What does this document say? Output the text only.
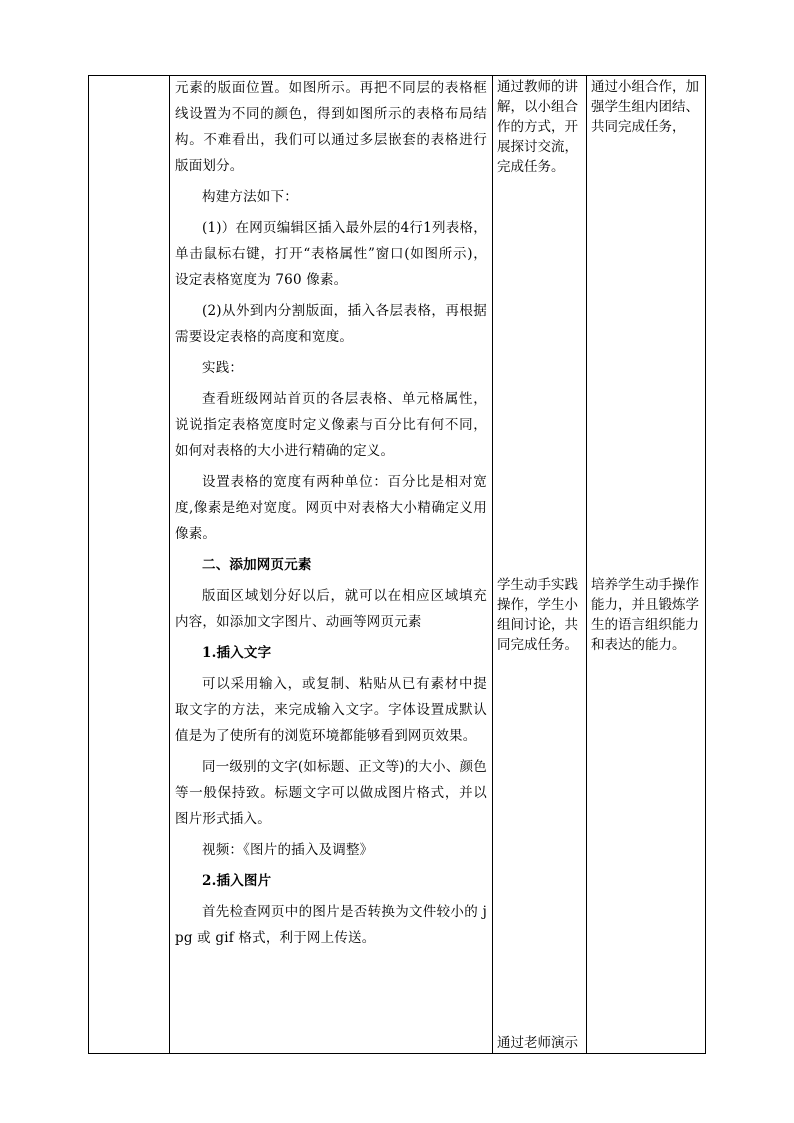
元素的版面位置。如图所示。再把不同层的表格框线设置为不同的颜色，得到如图所示的表格布局结构。不难看出，我们可以通过多层嵌套的表格进行版面划分。

构建方法如下：

(1)）在网页编辑区插入最外层的4行1列表格，单击鼠标右键，打开“表格属性”窗口(如图所示)，设定表格宽度为 760 像素。

(2)从外到内分割版面，插入各层表格，再根据需要设定表格的高度和宽度。

实践：

查看班级网站首页的各层表格、单元格属性，说说指定表格宽度时定义像素与百分比有何不同，如何对表格的大小进行精确的定义。

设置表格的宽度有两种单位：百分比是相对宽度,像素是绝对宽度。网页中对表格大小精确定义用像素。

二、添加网页元素

版面区域划分好以后，就可以在相应区域填充内容，如添加文字图片、动画等网页元素

1.插入文字

可以采用输入，或复制、粘贴从已有素材中提取文字的方法，来完成输入文字。字体设置成默认值是为了使所有的浏览环境都能够看到网页效果。

同一级别的文字(如标题、正文等)的大小、颜色等一般保持致。标题文字可以做成图片格式，并以图片形式插入。

视频：《图片的插入及调整》

2.插入图片

首先检查网页中的图片是否转换为文件较小的 jpg 或 gif 格式，利于网上传送。

通过教师的讲解，以小组合作的方式，开展探讨交流，完成任务。

学生动手实践操作，学生小组间讨论，共同完成任务。

通过老师演示

通过小组合作，加强学生组内团结、共同完成任务，

培养学生动手操作能力，并且锻炼学生的语言组织能力和表达的能力。
